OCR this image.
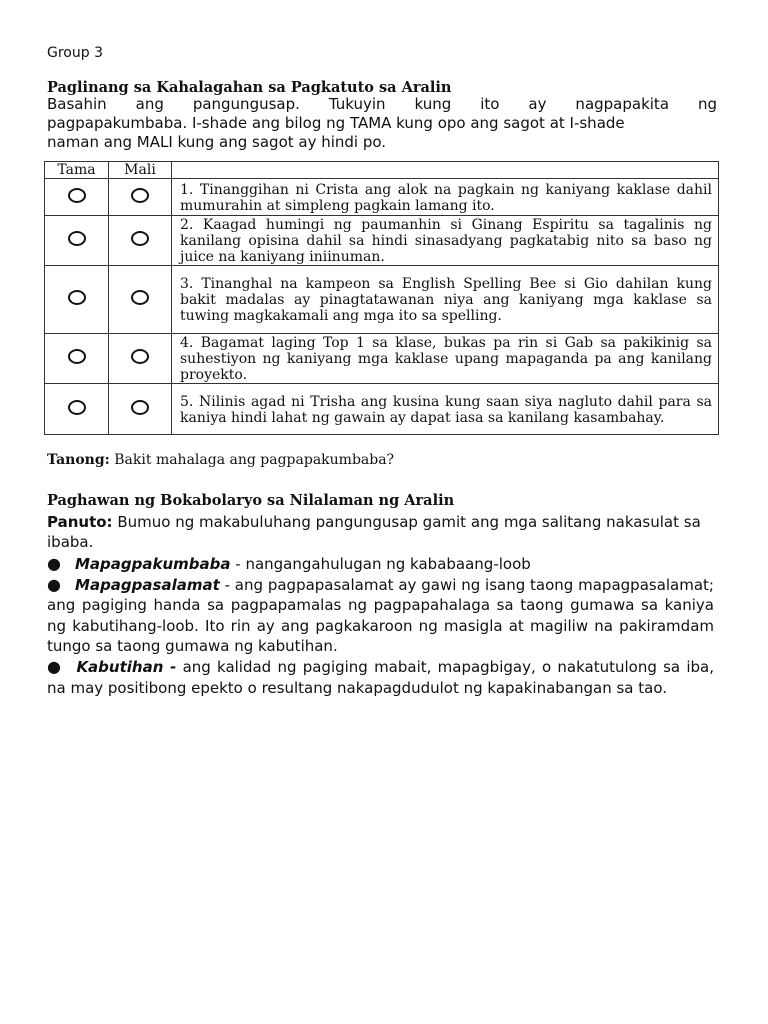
Group 3
Paglinang sa Kahalagahan sa Pagkatuto sa Aralin
Basahin ang pangungusap. Tukuyin kung ito ay nagpapakita ng
pagpapakumbaba. I-shade ang bilog ng TAMA kung opo ang sagot at I-shade
naman ang MALI kung ang sagot ay hindi po.
Tama	Mali	
		1. Tinanggihan ni Crista ang alok na pagkain ng kaniyang kaklase dahil mumurahin at simpleng pagkain lamang ito.
		2. Kaagad humingi ng paumanhin si Ginang Espiritu sa tagalinis ng kanilang opisina dahil sa hindi sinasadyang pagkatabig nito sa baso ng juice na kaniyang iniinuman.
		3. Tinanghal na kampeon sa English Spelling Bee si Gio dahilan kung bakit madalas ay pinagtatawanan niya ang kaniyang mga kaklase sa tuwing magkakamali ang mga ito sa spelling.
		4. Bagamat laging Top 1 sa klase, bukas pa rin si Gab sa pakikinig sa suhestiyon ng kaniyang mga kaklase upang mapaganda pa ang kanilang proyekto.
		5. Nilinis agad ni Trisha ang kusina kung saan siya nagluto dahil para sa kaniya hindi lahat ng gawain ay dapat iasa sa kanilang kasambahay.
Tanong: Bakit mahalaga ang pagpapakumbaba?
Paghawan ng Bokabolaryo sa Nilalaman ng Aralin
Panuto: Bumuo ng makabuluhang pangungusap gamit ang mga salitang nakasulat sa ibaba.
● Mapagpakumbaba - nangangahulugan ng kababaang-loob
● Mapagpasalamat - ang pagpapasalamat ay gawi ng isang taong mapagpasalamat; ang pagiging handa sa pagpapamalas ng pagpapahalaga sa taong gumawa sa kaniya ng kabutihang-loob. Ito rin ay ang pagkakaroon ng masigla at magiliw na pakiramdam tungo sa taong gumawa ng kabutihan.
● Kabutihan - ang kalidad ng pagiging mabait, mapagbigay, o nakatutulong sa iba, na may positibong epekto o resultang nakapagdudulot ng kapakinabangan sa tao.
